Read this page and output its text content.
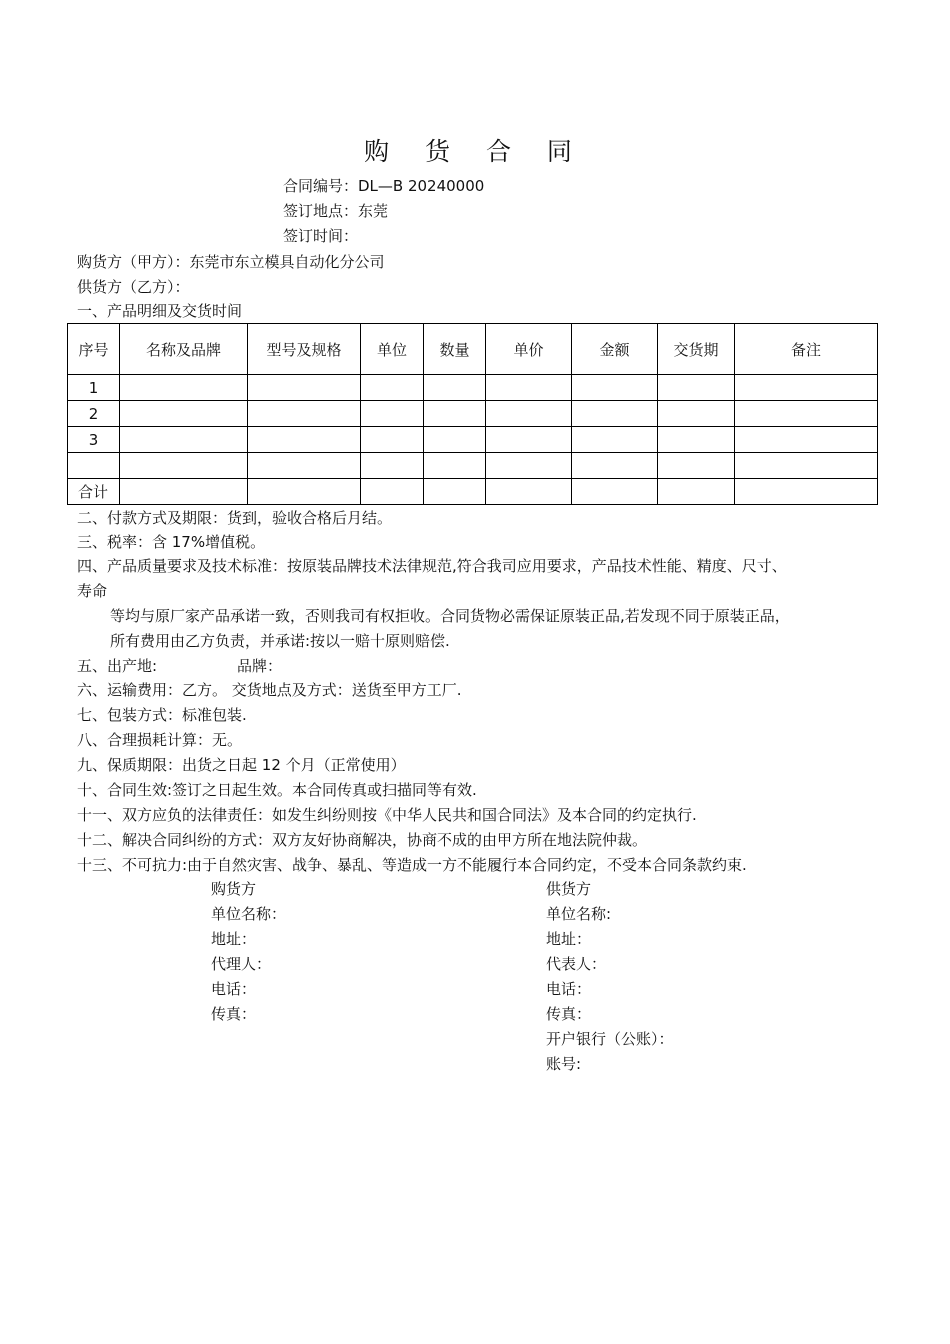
购 货 合 同
合同编号：DL—B 20240000
签订地点：东莞
签订时间：
购货方（甲方）：东莞市东立模具自动化分公司
供货方（乙方）：
一、产品明细及交货时间
序号	名称及品牌	型号及规格	单位	数量	单价	金额	交货期	备注
1								
2								
3								

合计								
二、付款方式及期限：货到，验收合格后月结。
三、税率：含 17%增值税。
四、产品质量要求及技术标准：按原装品牌技术法律规范,符合我司应用要求，产品技术性能、精度、尺寸、
寿命
等均与原厂家产品承诺一致，否则我司有权拒收。合同货物必需保证原装正品,若发现不同于原装正品，
所有费用由乙方负责，并承诺:按以一赔十原则赔偿.
五、出产地:	品牌：
六、运输费用：乙方。 交货地点及方式：送货至甲方工厂.
七、包装方式：标准包装.
八、合理损耗计算：无。
九、保质期限：出货之日起 12 个月（正常使用）
十、合同生效:签订之日起生效。本合同传真或扫描同等有效.
十一、双方应负的法律责任：如发生纠纷则按《中华人民共和国合同法》及本合同的约定执行.
十二、解决合同纠纷的方式：双方友好协商解决，协商不成的由甲方所在地法院仲裁。
十三、不可抗力:由于自然灾害、战争、暴乱、等造成一方不能履行本合同约定，不受本合同条款约束.
购货方
单位名称：
地址：
代理人：
电话：
传真：
供货方
单位名称:
地址：
代表人：
电话：
传真：
开户银行（公账）：
账号:
